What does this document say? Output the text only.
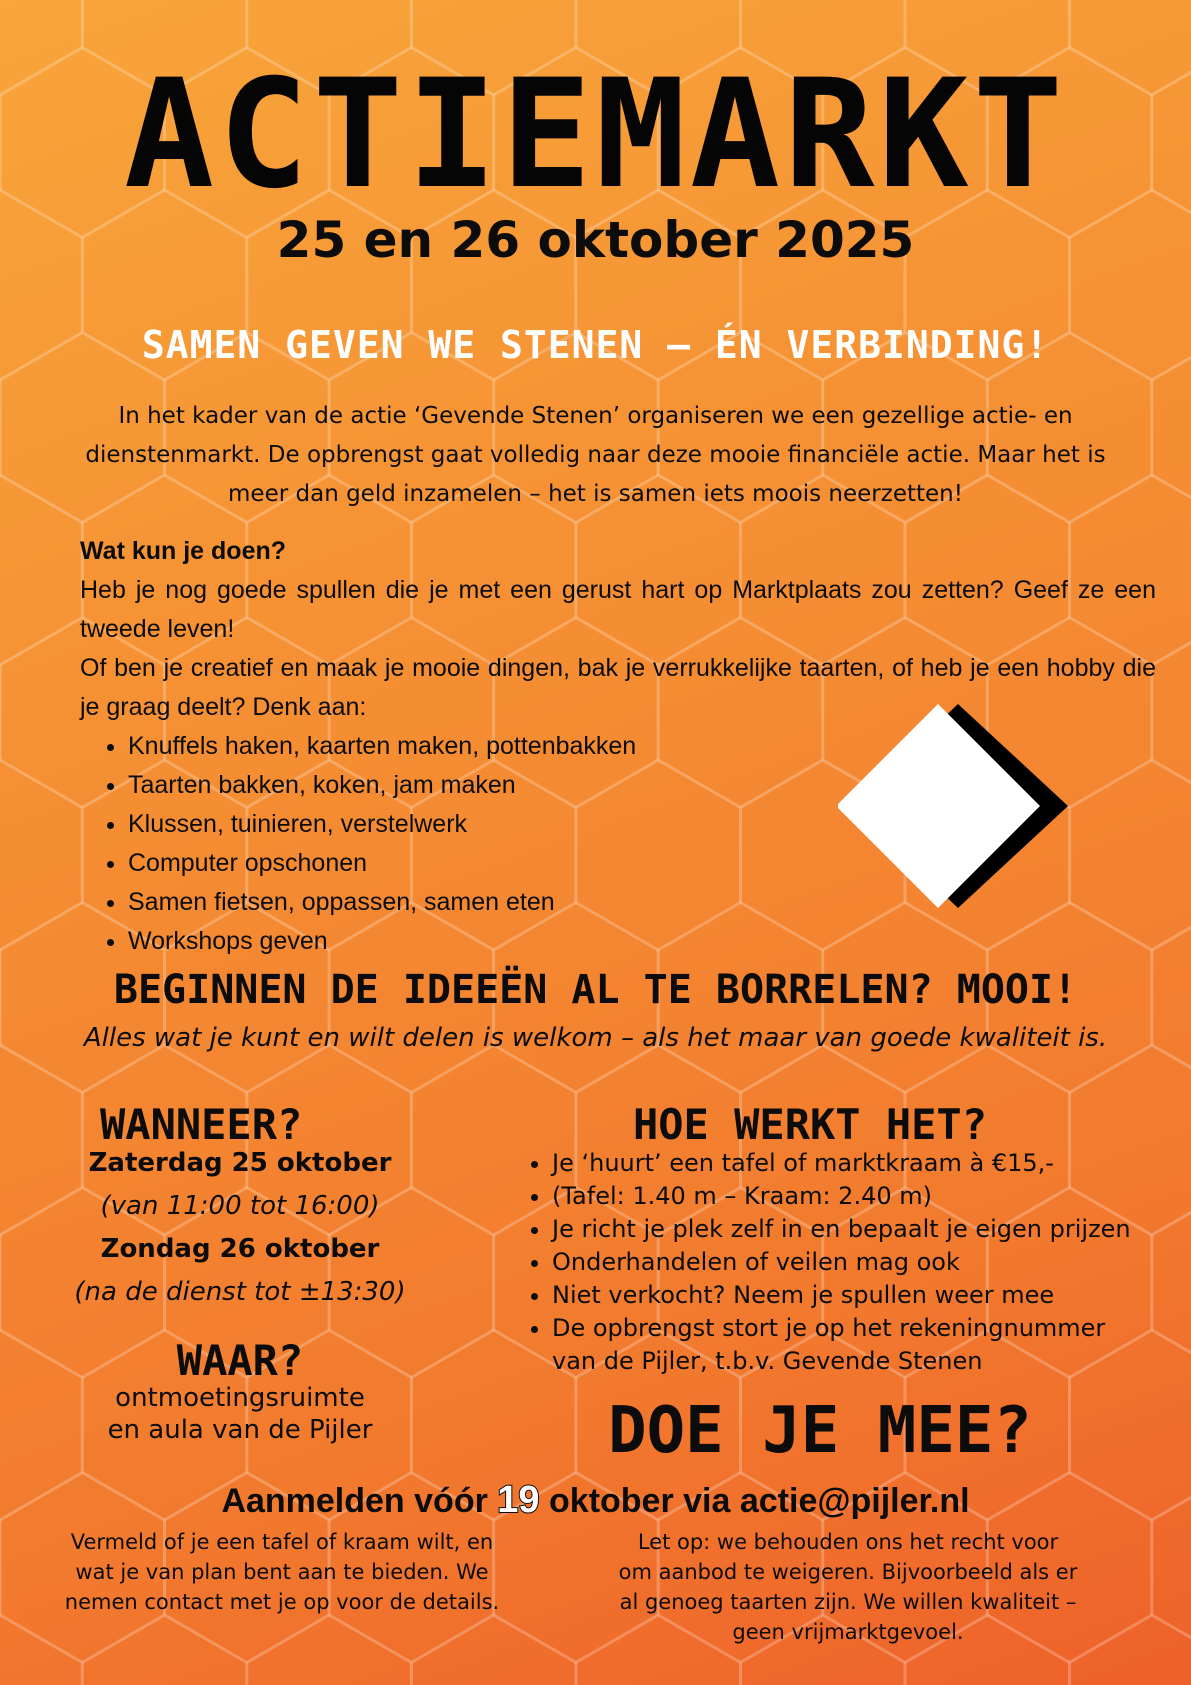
ACTIEMARKT
25 en 26 oktober 2025
SAMEN GEVEN WE STENEN – ÉN VERBINDING!
In het kader van de actie ‘Gevende Stenen’ organiseren we een gezellige actie- en dienstenmarkt. De opbrengst gaat volledig naar deze mooie financiële actie. Maar het is meer dan geld inzamelen – het is samen iets moois neerzetten!

Wat kun je doen?

Heb je nog goede spullen die je met een gerust hart op Marktplaats zou zetten? Geef ze een tweede leven!

Of ben je creatief en maak je mooie dingen, bak je verrukkelijke taarten, of heb je een hobby die je graag deelt? Denk aan:

• Knuffels haken, kaarten maken, pottenbakken
• Taarten bakken, koken, jam maken
• Klussen, tuinieren, verstelwerk
• Computer opschonen
• Samen fietsen, oppassen, samen eten
• Workshops geven
BEGINNEN DE IDEEËN AL TE BORRELEN? MOOI!
Alles wat je kunt en wilt delen is welkom – als het maar van goede kwaliteit is.
WANNEER?
Zaterdag 25 oktober
(van 11:00 tot 16:00)
Zondag 26 oktober
(na de dienst tot ±13:30)
WAAR?
ontmoetingsruimte
en aula van de Pijler
HOE WERKT HET?
• Je ‘huurt’ een tafel of marktkraam à €15,-
• (Tafel: 1.40 m – Kraam: 2.40 m)
• Je richt je plek zelf in en bepaalt je eigen prijzen
• Onderhandelen of veilen mag ook
• Niet verkocht? Neem je spullen weer mee
• De opbrengst stort je op het rekeningnummer van de Pijler, t.b.v. Gevende Stenen
DOE JE MEE?
Aanmelden vóór 19 oktober via actie@pijler.nl
Vermeld of je een tafel of kraam wilt, en wat je van plan bent aan te bieden. We nemen contact met je op voor de details.
Let op: we behouden ons het recht voor om aanbod te weigeren. Bijvoorbeeld als er al genoeg taarten zijn. We willen kwaliteit – geen vrijmarktgevoel.
